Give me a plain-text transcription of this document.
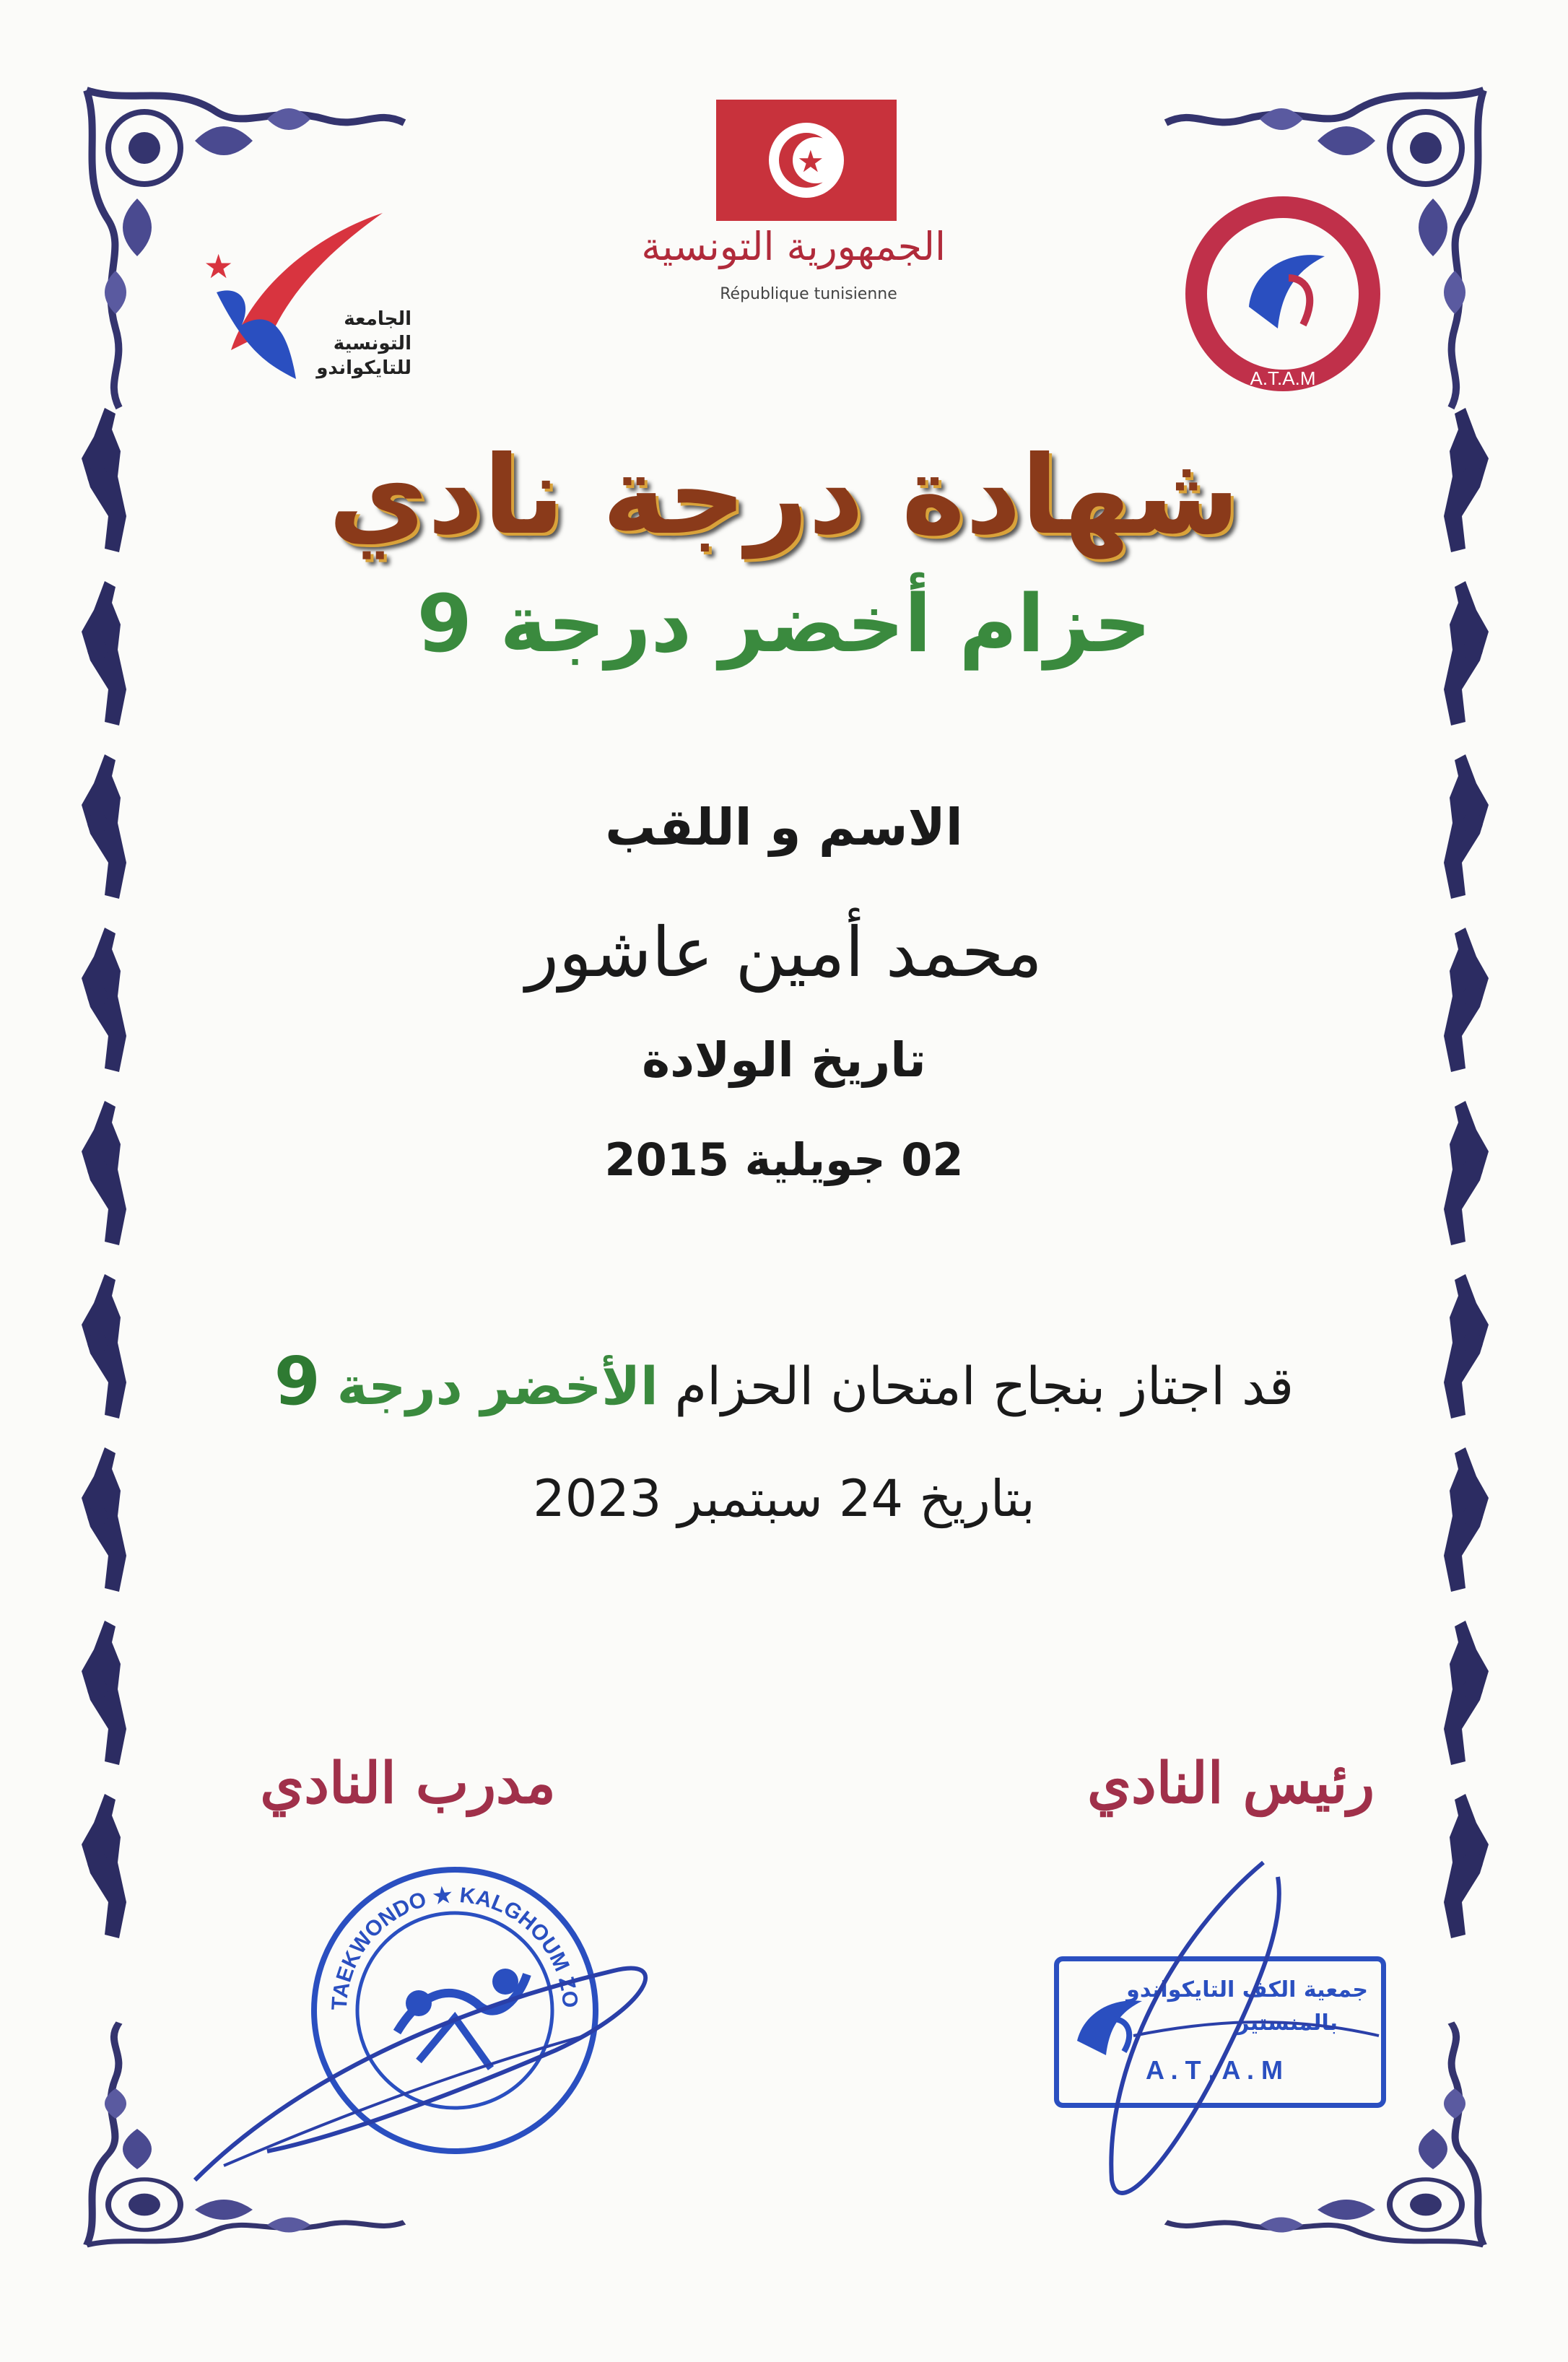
★
الجامعة
التونسية
للتايكواندو
★
الجمهورية التونسية
République tunisienne
A.T.A.M
شهادة درجة نادي
حزام أخضر درجة 9
الاسم و اللقب
محمد أمين عاشور
تاريخ الولادة
02 جويلية 2015
قد اجتاز بنجاح امتحان الحزام الأخضر درجة 9
بتاريخ 24 سبتمبر 2023
رئيس النادي
مدرب النادي
TAEKWONDO ★ KALGHOUM ZO	جمعية الكف التايكواندو
بالمنستير
A . T . A . M
